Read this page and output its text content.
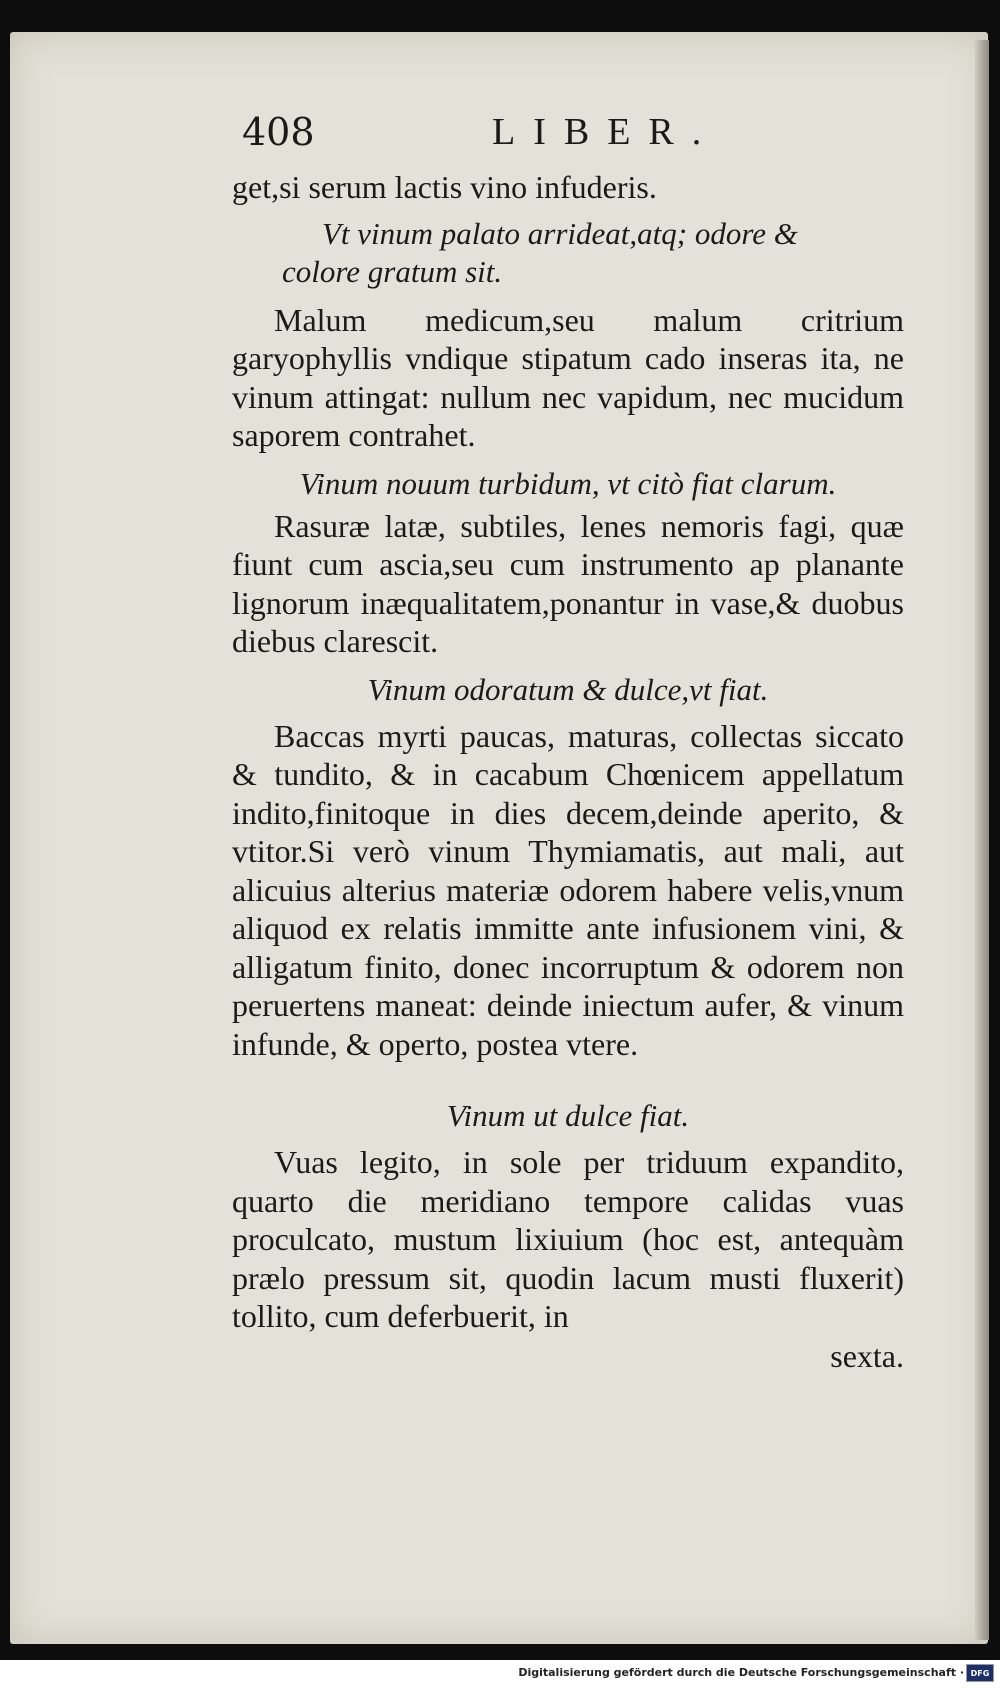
408	LIBER.

get,si serum lactis vino infuderis.

Vt vinum palato arrideat,atq; odore & colore gratum sit.

Malum medicum,seu malum critrium garyophyllis vndique stipatum cado inseras ita, ne vinum attingat: nullum nec vapidum, nec mucidum saporem contrahet.

Vinum nouum turbidum, vt citò fiat clarum.

Rasuræ latæ, subtiles, lenes nemoris fagi, quæ fiunt cum ascia,seu cum instrumento ap planante lignorum inæqualitatem,ponantur in vase,& duobus diebus clarescit.

Vinum odoratum & dulce,vt fiat.

Baccas myrti paucas, maturas, collectas siccato & tundito, & in cacabum Chœnicem appellatum indito,finitoque in dies decem,deinde aperito, & vtitor.Si verò vinum Thymiamatis, aut mali, aut alicuius alterius materiæ odorem habere velis,vnum aliquod ex relatis immitte ante infusionem vini, & alligatum finito, donec incorruptum & odorem non peruertens maneat: deinde iniectum aufer, & vinum infunde, & operto, postea vtere.

Vinum ut dulce fiat.

Vuas legito, in sole per triduum expandito, quarto die meridiano tempore calidas vuas proculcato, mustum lixiuium (hoc est, antequàm prælo pressum sit, quodin lacum musti fluxerit) tollito, cum deferbuerit, in

sexta.

Digitalisierung gefördert durch die Deutsche Forschungsgemeinschaft · DFG
